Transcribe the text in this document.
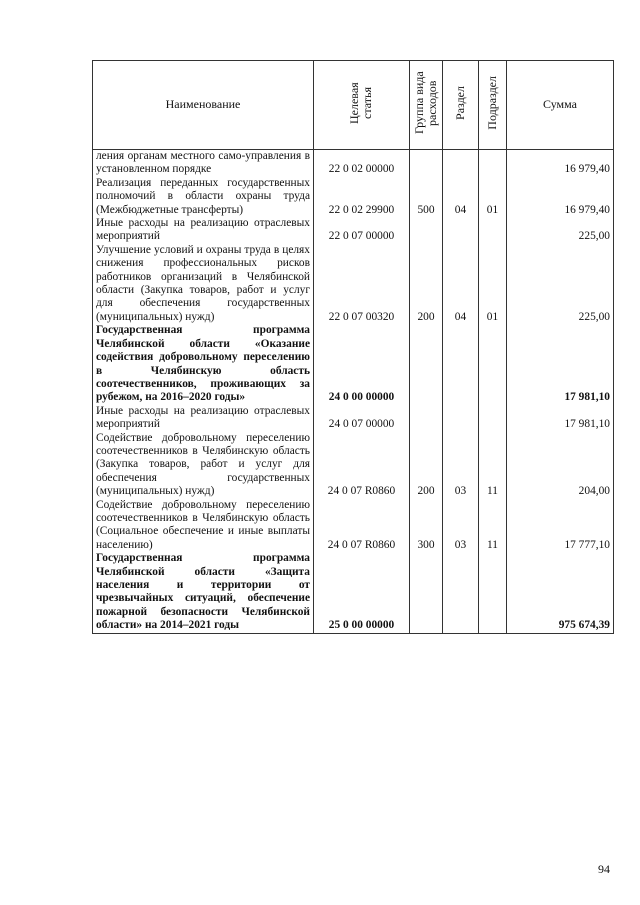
Наименование	Целевая статья	Группа вида расходов	Раздел	Подраздел	Сумма
ления органам местного само-управления в установленном порядке	22 0 02 00000				16 979,40
Реализация переданных государственных полномочий в области охраны труда (Межбюджетные трансферты)	22 0 02 29900	500	04	01	16 979,40
Иные расходы на реализацию отраслевых мероприятий	22 0 07 00000				225,00
Улучшение условий и охраны труда в целях снижения профессиональных рисков работников организаций в Челябинской области (Закупка товаров, работ и услуг для обеспечения государственных (муниципальных) нужд)	22 0 07 00320	200	04	01	225,00
Государственная программа Челябинской области «Оказание содействия добровольному переселению в Челябинскую область соотечественников, проживающих за рубежом, на 2016–2020 годы»	24 0 00 00000				17 981,10
Иные расходы на реализацию отраслевых мероприятий	24 0 07 00000				17 981,10
Содействие добровольному переселению соотечественников в Челябинскую область (Закупка товаров, работ и услуг для обеспечения государственных (муниципальных) нужд)	24 0 07 R0860	200	03	11	204,00
Содействие добровольному переселению соотечественников в Челябинскую область (Социальное обеспечение и иные выплаты населению)	24 0 07 R0860	300	03	11	17 777,10
Государственная программа Челябинской области «Защита населения и территории от чрезвычайных ситуаций, обеспечение пожарной безопасности Челябинской области» на 2014–2021 годы	25 0 00 00000				975 674,39
94
